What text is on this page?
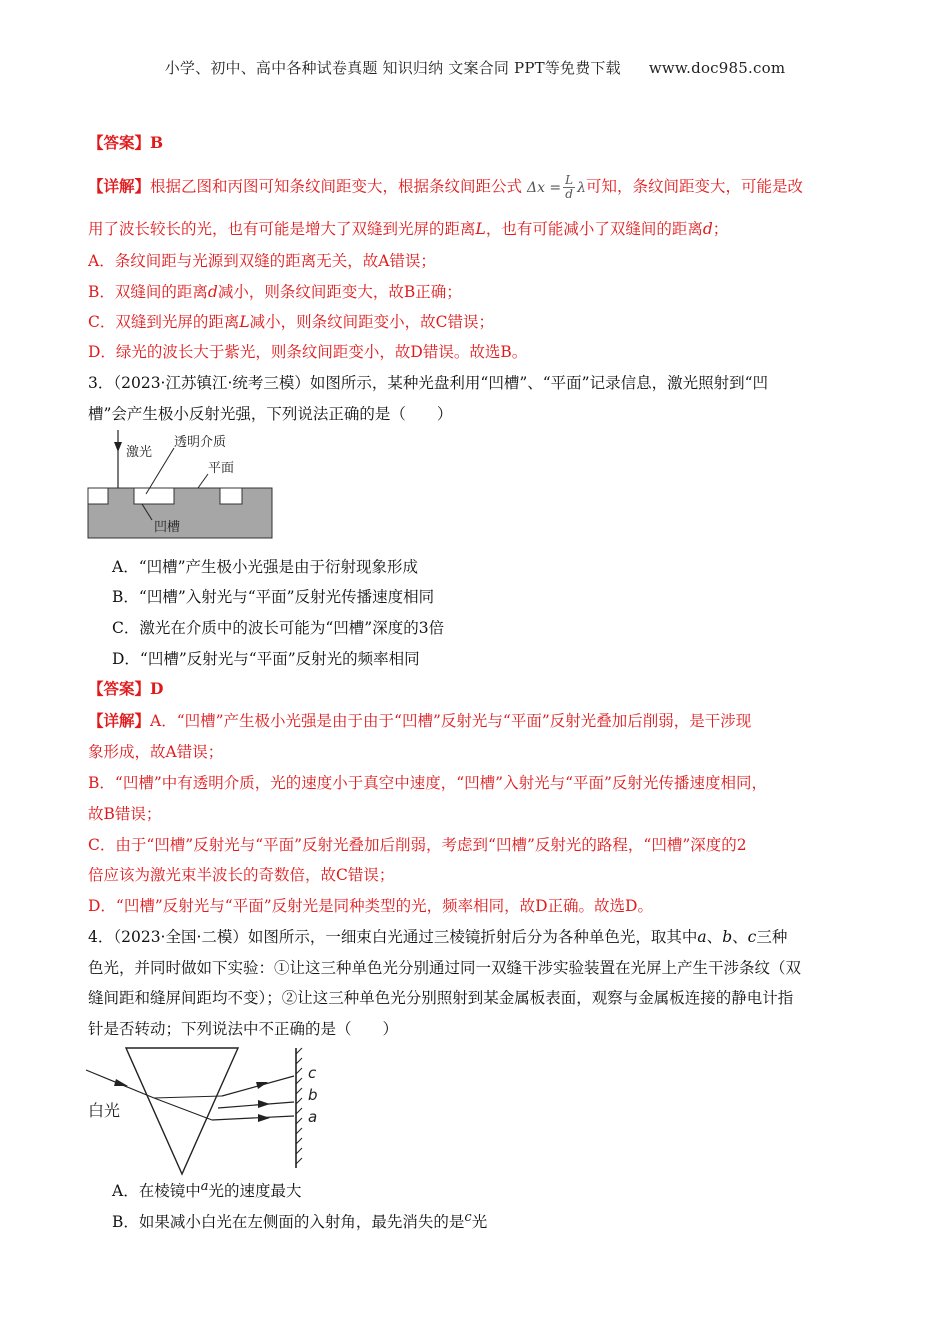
小学、初中、高中各种试卷真题 知识归纳 文案合同 PPT等免费下载 www.doc985.com
【答案】B
【详解】根据乙图和丙图可知条纹间距变大，根据条纹间距公式 $\Delta x = \frac{L}{d}$ λ可知，条纹间距变大，可能是改
用了波长较长的光，也有可能是增大了双缝到光屏的距离L，也有可能减小了双缝间的距离d；
A．条纹间距与光源到双缝的距离无关，故A错误；
B．双缝间的距离d减小，则条纹间距变大，故B正确；
C．双缝到光屏的距离L减小，则条纹间距变小，故C错误；
D．绿光的波长大于紫光，则条纹间距变小，故D错误。故选B。
3．（2023·江苏镇江·统考三模）如图所示，某种光盘利用“凹槽”、“平面”记录信息，激光照射到“凹
槽”会产生极小反射光强，下列说法正确的是（　　）
激光
透明介质
平面
凹槽
A．“凹槽”产生极小光强是由于衍射现象形成
B．“凹槽”入射光与“平面”反射光传播速度相同
C．激光在介质中的波长可能为“凹槽”深度的3倍
D．“凹槽”反射光与“平面”反射光的频率相同
【答案】D
【详解】A．“凹槽”产生极小光强是由于由于“凹槽”反射光与“平面”反射光叠加后削弱，是干涉现
象形成，故A错误；
B．“凹槽”中有透明介质，光的速度小于真空中速度，“凹槽”入射光与“平面”反射光传播速度相同，
故B错误；
C．由于“凹槽”反射光与“平面”反射光叠加后削弱，考虑到“凹槽”反射光的路程，“凹槽”深度的2
倍应该为激光束半波长的奇数倍，故C错误；
D．“凹槽”反射光与“平面”反射光是同种类型的光，频率相同，故D正确。故选D。
4．（2023·全国·二模）如图所示，一细束白光通过三棱镜折射后分为各种单色光，取其中a、b、c三种
色光，并同时做如下实验：①让这三种单色光分别通过同一双缝干涉实验装置在光屏上产生干涉条纹（双
缝间距和缝屏间距均不变）；②让这三种单色光分别照射到某金属板表面，观察与金属板连接的静电计指
针是否转动；下列说法中不正确的是（　　）
白光
c
b
a
A．在棱镜中$^a$光的速度最大
B．如果减小白光在左侧面的入射角，最先消失的是$^c$光
